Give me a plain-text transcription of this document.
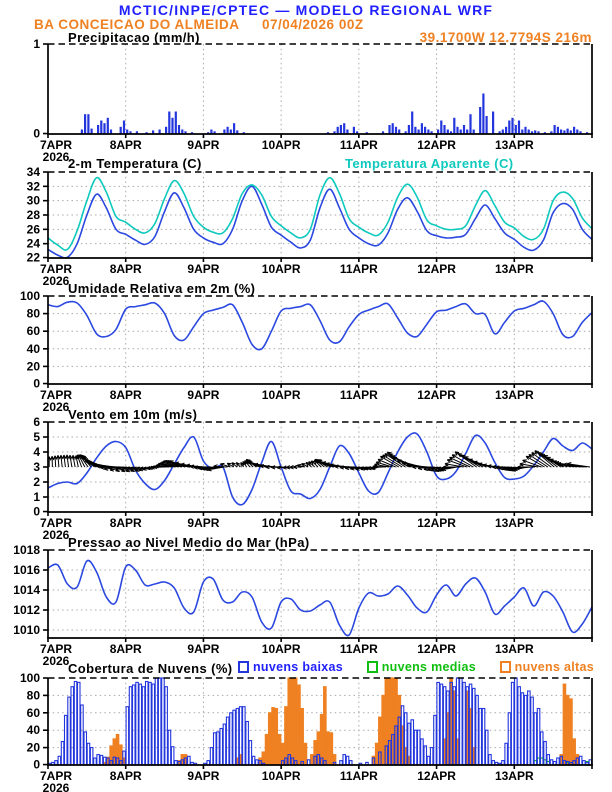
MCTIC/INPE/CPTEC — MODELO REGIONAL WRF
BA CONCEICAO DO ALMEIDA 07/04/2026 00Z
39.1700W 12.7794S 216m
Precipitacao (mm/h)
2-m Temperatura (C)	Temperatura Aparente (C)
Umidade Relativa em 2m (%)
Vento em 10m (m/s)
Pressao ao Nivel Medio do Mar (hPa)
Cobertura de Nuvens (%) nuvens baixas	nuvens medias	nuvens altas
0
1
7APR	8APR	9APR	10APR	11APR	12APR	13APR
2026
22
24
26
28
30
32
34
7APR	8APR	9APR	10APR	11APR	12APR	13APR
2026
0
20
40
60
80
100
7APR	8APR	9APR	10APR	11APR	12APR	13APR
2026
0
1
2
3
4
5
6
7APR	8APR	9APR	10APR	11APR	12APR	13APR
2026
1010
1012
1014
1016
1018
7APR	8APR	9APR	10APR	11APR	12APR	13APR
2026
0
20
40
60
80
100
7APR	8APR	9APR	10APR	11APR	12APR	13APR
2026
